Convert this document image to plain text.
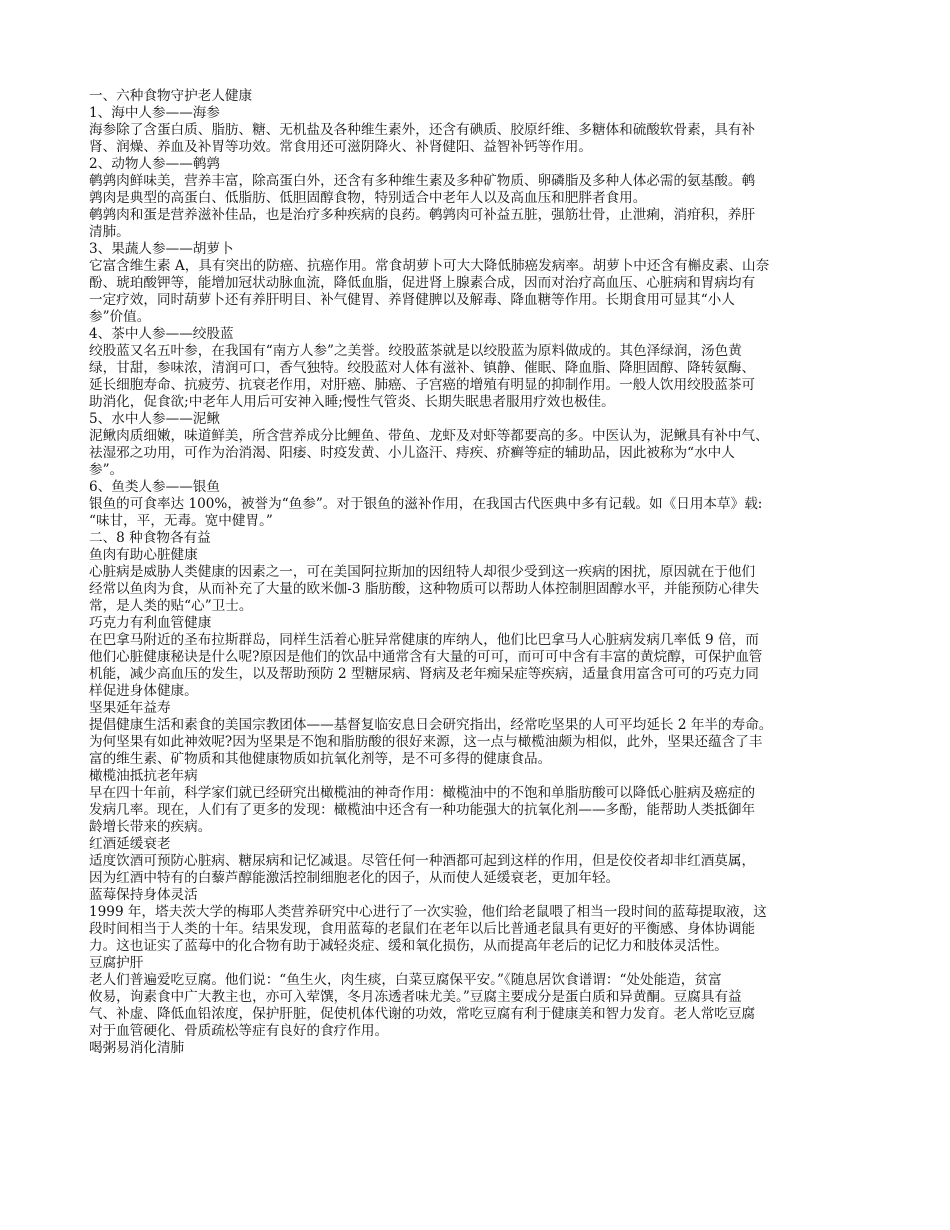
一、六种食物守护老人健康
1、海中人参——海参
海参除了含蛋白质、脂肪、糖、无机盐及各种维生素外，还含有碘质、胶原纤维、多糖体和硫酸软骨素，具有补
肾、润燥、养血及补胃等功效。常食用还可滋阴降火、补肾健阳、益智补钙等作用。
2、动物人参——鹌鹑
鹌鹑肉鲜味美，营养丰富，除高蛋白外，还含有多种维生素及多种矿物质、卵磷脂及多种人体必需的氨基酸。鹌
鹑肉是典型的高蛋白、低脂肪、低胆固醇食物，特别适合中老年人以及高血压和肥胖者食用。
鹌鹑肉和蛋是营养滋补佳品，也是治疗多种疾病的良药。鹌鹑肉可补益五脏，强筋壮骨，止泄痢，消疳积，养肝
清肺。
3、果蔬人参——胡萝卜
它富含维生素 A，具有突出的防癌、抗癌作用。常食胡萝卜可大大降低肺癌发病率。胡萝卜中还含有槲皮素、山奈
酚、琥珀酸钾等，能增加冠状动脉血流，降低血脂，促进肾上腺素合成，因而对治疗高血压、心脏病和胃病均有
一定疗效，同时葫萝卜还有养肝明目、补气健胃、养肾健脾以及解毒、降血糖等作用。长期食用可显其“小人
参”价值。
4、茶中人参——绞股蓝
绞股蓝又名五叶参，在我国有“南方人参”之美誉。绞股蓝茶就是以绞股蓝为原料做成的。其色泽绿润，汤色黄
绿，甘甜，参味浓，清润可口，香气独特。绞股蓝对人体有滋补、镇静、催眠、降血脂、降胆固醇、降转氨酶、
延长细胞寿命、抗疲劳、抗衰老作用，对肝癌、肺癌、子宫癌的增殖有明显的抑制作用。一般人饮用绞股蓝茶可
助消化，促食欲;中老年人用后可安神入睡;慢性气管炎、长期失眠患者服用疗效也极佳。
5、水中人参——泥鳅
泥鳅肉质细嫩，味道鲜美，所含营养成分比鲤鱼、带鱼、龙虾及对虾等都要高的多。中医认为，泥鳅具有补中气、
祛湿邪之功用，可作为治消渴、阳痿、时疫发黄、小儿盗汗、痔疾、疥癣等症的辅助品，因此被称为“水中人
参”。
6、鱼类人参——银鱼
银鱼的可食率达 100%，被誉为“鱼参”。对于银鱼的滋补作用，在我国古代医典中多有记载。如《日用本草》载:
“味甘，平，无毒。宽中健胃。”
二、8 种食物各有益
鱼肉有助心脏健康
心脏病是威胁人类健康的因素之一，可在美国阿拉斯加的因纽特人却很少受到这一疾病的困扰，原因就在于他们
经常以鱼肉为食，从而补充了大量的欧米伽-3 脂肪酸，这种物质可以帮助人体控制胆固醇水平，并能预防心律失
常，是人类的贴“心”卫士。
巧克力有利血管健康
在巴拿马附近的圣布拉斯群岛，同样生活着心脏异常健康的库纳人，他们比巴拿马人心脏病发病几率低 9 倍，而
他们心脏健康秘诀是什么呢?原因是他们的饮品中通常含有大量的可可，而可可中含有丰富的黄烷醇，可保护血管
机能，减少高血压的发生，以及帮助预防 2 型糖尿病、肾病及老年痴呆症等疾病，适量食用富含可可的巧克力同
样促进身体健康。
坚果延年益寿
提倡健康生活和素食的美国宗教团体——基督复临安息日会研究指出，经常吃坚果的人可平均延长 2 年半的寿命。
为何坚果有如此神效呢?因为坚果是不饱和脂肪酸的很好来源，这一点与橄榄油颇为相似，此外，坚果还蕴含了丰
富的维生素、矿物质和其他健康物质如抗氧化剂等，是不可多得的健康食品。
橄榄油抵抗老年病
早在四十年前，科学家们就已经研究出橄榄油的神奇作用：橄榄油中的不饱和单脂肪酸可以降低心脏病及癌症的
发病几率。现在，人们有了更多的发现：橄榄油中还含有一种功能强大的抗氧化剂——多酚，能帮助人类抵御年
龄增长带来的疾病。
红酒延缓衰老
适度饮酒可预防心脏病、糖尿病和记忆减退。尽管任何一种酒都可起到这样的作用，但是佼佼者却非红酒莫属，
因为红酒中特有的白藜芦醇能激活控制细胞老化的因子，从而使人延缓衰老，更加年轻。
蓝莓保持身体灵活
1999 年，塔夫茨大学的梅耶人类营养研究中心进行了一次实验，他们给老鼠喂了相当一段时间的蓝莓提取液，这
段时间相当于人类的十年。结果发现，食用蓝莓的老鼠们在老年以后比普通老鼠具有更好的平衡感、身体协调能
力。这也证实了蓝莓中的化合物有助于减轻炎症、缓和氧化损伤，从而提高年老后的记忆力和肢体灵活性。
豆腐护肝
老人们普遍爱吃豆腐。他们说：“鱼生火，肉生痰，白菜豆腐保平安。”《随息居饮食谱谓：“处处能造，贫富
攸易，询素食中广大教主也，亦可入荤馔，冬月冻透者味尤美。”豆腐主要成分是蛋白质和异黄酮。豆腐具有益
气、补虚、降低血铅浓度，保护肝脏，促使机体代谢的功效，常吃豆腐有利于健康美和智力发育。老人常吃豆腐
对于血管硬化、骨质疏松等症有良好的食疗作用。
喝粥易消化清肺
